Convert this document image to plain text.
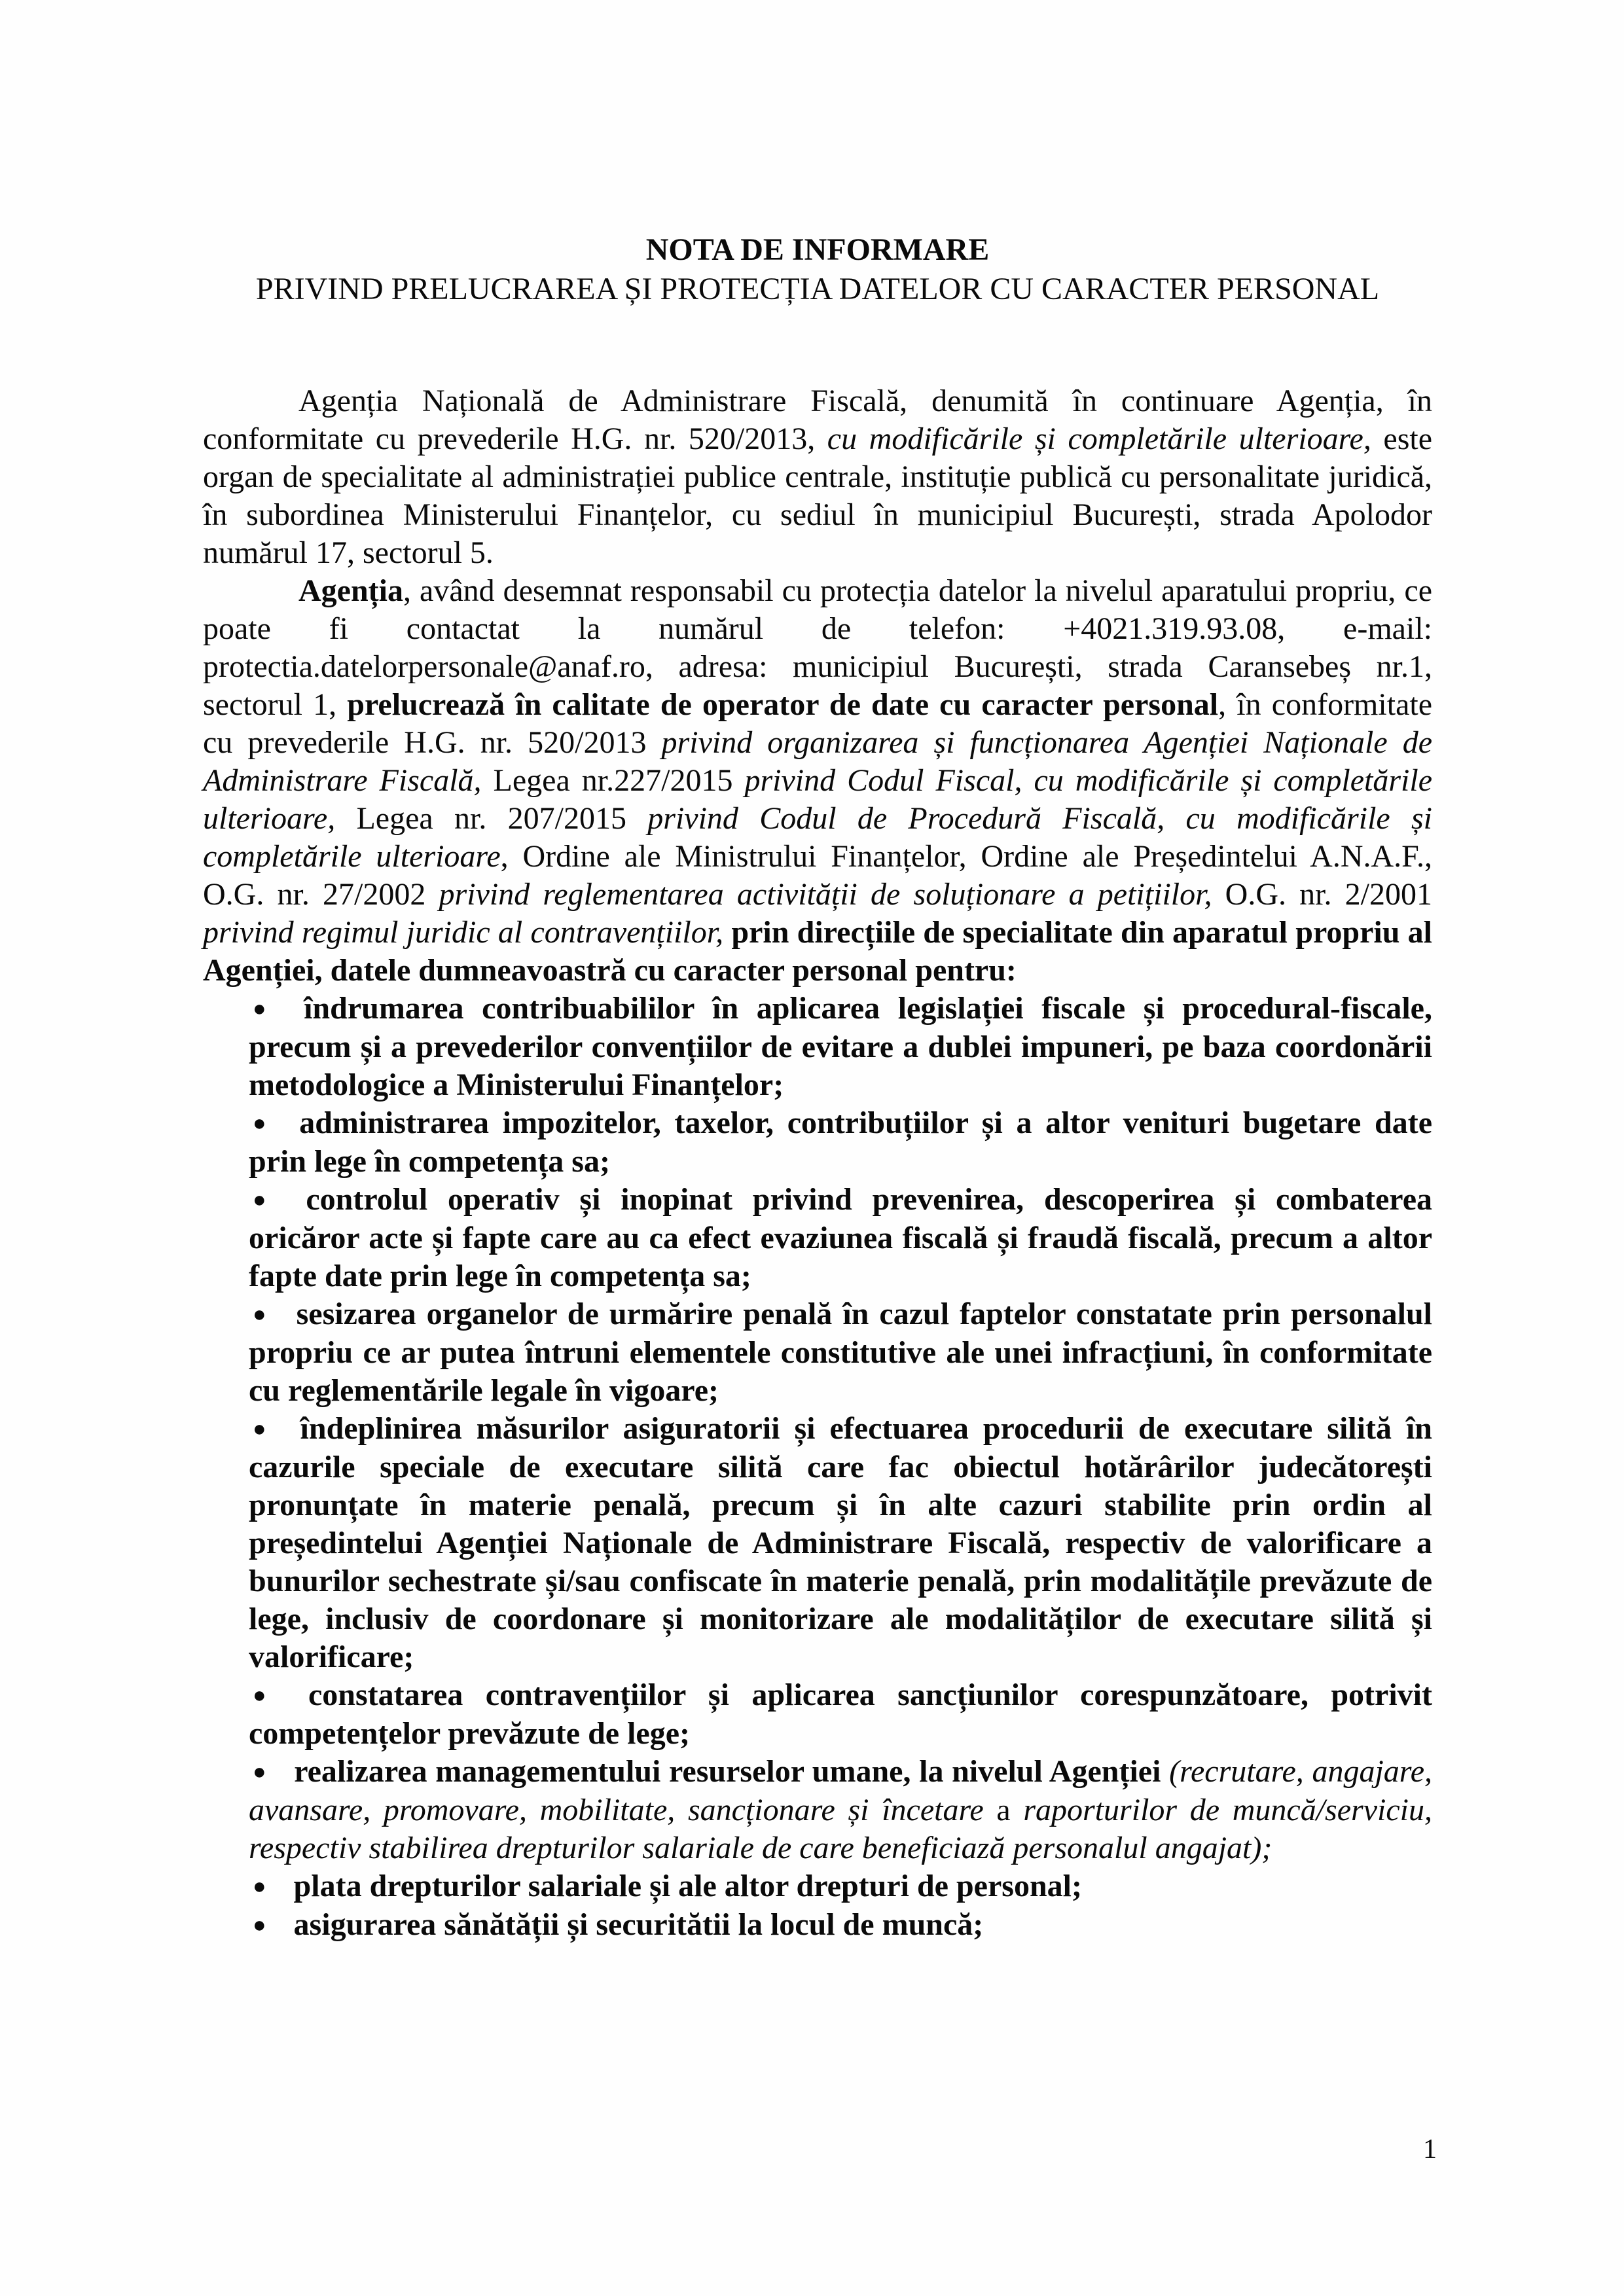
NOTA DE INFORMARE
PRIVIND PRELUCRAREA ȘI PROTECȚIA DATELOR CU CARACTER PERSONAL
Agenția Națională de Administrare Fiscală, denumită în continuare Agenția, în conformitate cu prevederile H.G. nr. 520/2013, cu modificările și completările ulterioare, este organ de specialitate al administrației publice centrale, instituție publică cu personalitate juridică, în subordinea Ministerului Finanțelor, cu sediul în municipiul București, strada Apolodor numărul 17, sectorul 5.
Agenția, având desemnat responsabil cu protecția datelor la nivelul aparatului propriu, ce poate fi contactat la numărul de telefon: +4021.319.93.08, e-mail: protectia.datelorpersonale@anaf.ro, adresa: municipiul București, strada Caransebeș nr.1, sectorul 1, prelucrează în calitate de operator de date cu caracter personal, în conformitate cu prevederile H.G. nr. 520/2013 privind organizarea și funcționarea Agenției Naționale de Administrare Fiscală, Legea nr.227/2015 privind Codul Fiscal, cu modificările și completările ulterioare, Legea nr. 207/2015 privind Codul de Procedură Fiscală, cu modificările și completările ulterioare, Ordine ale Ministrului Finanțelor, Ordine ale Președintelui A.N.A.F., O.G. nr. 27/2002 privind reglementarea activității de soluționare a petițiilor, O.G. nr. 2/2001 privind regimul juridic al contravențiilor, prin direcțiile de specialitate din aparatul propriu al Agenției, datele dumneavoastră cu caracter personal pentru:
● îndrumarea contribuabililor în aplicarea legislației fiscale și procedural-fiscale, precum și a prevederilor convențiilor de evitare a dublei impuneri, pe baza coordonării metodologice a Ministerului Finanțelor;
● administrarea impozitelor, taxelor, contribuțiilor și a altor venituri bugetare date prin lege în competența sa;
● controlul operativ și inopinat privind prevenirea, descoperirea și combaterea oricăror acte și fapte care au ca efect evaziunea fiscală și fraudă fiscală, precum a altor fapte date prin lege în competența sa;
● sesizarea organelor de urmărire penală în cazul faptelor constatate prin personalul propriu ce ar putea întruni elementele constitutive ale unei infracțiuni, în conformitate cu reglementările legale în vigoare;
● îndeplinirea măsurilor asiguratorii și efectuarea procedurii de executare silită în cazurile speciale de executare silită care fac obiectul hotărârilor judecătorești pronunțate în materie penală, precum și în alte cazuri stabilite prin ordin al președintelui Agenției Naționale de Administrare Fiscală, respectiv de valorificare a bunurilor sechestrate și/sau confiscate în materie penală, prin modalitățile prevăzute de lege, inclusiv de coordonare și monitorizare ale modalităților de executare silită și valorificare;
● constatarea contravențiilor și aplicarea sancțiunilor corespunzătoare, potrivit competențelor prevăzute de lege;
● realizarea managementului resurselor umane, la nivelul Agenției (recrutare, angajare, avansare, promovare, mobilitate, sancționare și încetare a raporturilor de muncă/serviciu, respectiv stabilirea drepturilor salariale de care beneficiază personalul angajat);
● plata drepturilor salariale și ale altor drepturi de personal;
● asigurarea sănătății și securitătii la locul de muncă;
1
